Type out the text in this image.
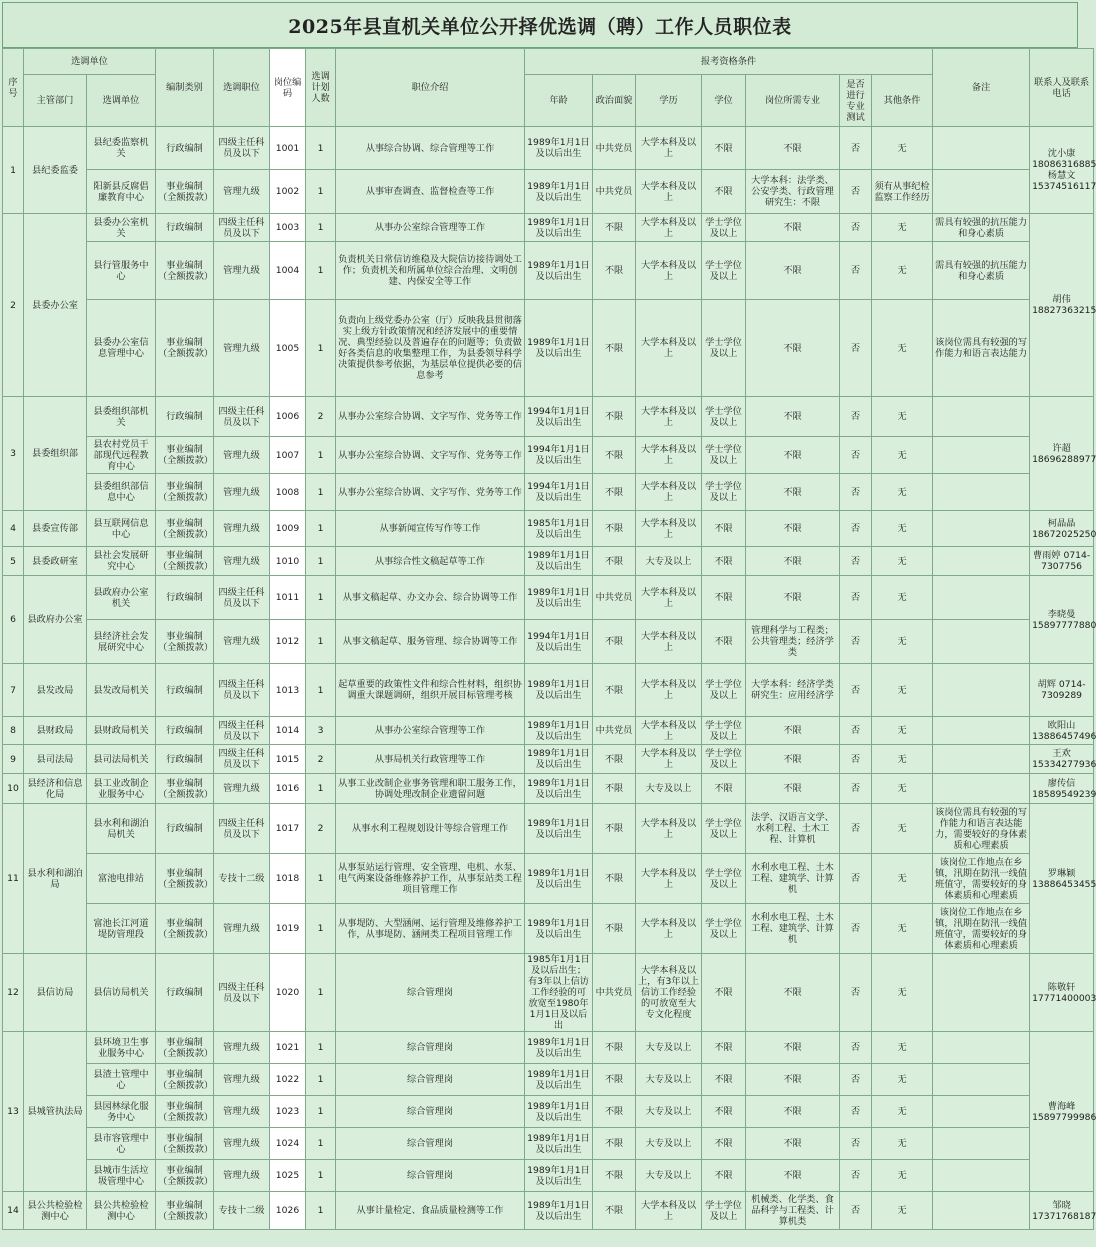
2025年县直机关单位公开择优选调（聘）工作人员职位表
序号	选调单位		编制类别	选调职位	岗位编码	选调计划人数	职位介绍	报考资格条件							备注	联系人及联系电话
	主管部门	选调单位						年龄	政治面貌	学历	学位	岗位所需专业	是否进行专业测试	其他条件		
1	县纪委监委	县纪委监察机关	行政编制	四级主任科员及以下	1001	1	从事综合协调、综合管理等工作	1989年1月1日及以后出生	中共党员	大学本科及以上	不限	不限	否	无		沈小康 18086316885 杨慧文 15374516117
		阳新县反腐倡廉教育中心	事业编制（全额拨款）	管理九级	1002	1	从事审查调查、监督检查等工作	1989年1月1日及以后出生	中共党员	大学本科及以上	不限	大学本科：法学类、公安学类、行政管理 研究生：不限	否	须有从事纪检监察工作经历		
2	县委办公室	县委办公室机关	行政编制	四级主任科员及以下	1003	1	从事办公室综合管理等工作	1989年1月1日及以后出生	不限	大学本科及以上	学士学位及以上	不限	否	无	需具有较强的抗压能力和身心素质	胡伟 18827363215
		县行管服务中心	事业编制（全额拨款）	管理九级	1004	1	负责机关日常信访维稳及大院信访接待调处工作；负责机关和所属单位综合治理、文明创建、内保安全等工作	1989年1月1日及以后出生	不限	大学本科及以上	学士学位及以上	不限	否	无	需具有较强的抗压能力和身心素质	
		县委办公室信息管理中心	事业编制（全额拨款）	管理九级	1005	1	负责向上级党委办公室（厅）反映我县贯彻落实上级方针政策情况和经济发展中的重要情况、典型经验以及普遍存在的问题等；负责做好各类信息的收集整理工作，为县委领导科学决策提供参考依据，为基层单位提供必要的信息参考	1989年1月1日及以后出生	不限	大学本科及以上	学士学位及以上	不限	否	无	该岗位需具有较强的写作能力和语言表达能力	
3	县委组织部	县委组织部机关	行政编制	四级主任科员及以下	1006	2	从事办公室综合协调、文字写作、党务等工作	1994年1月1日及以后出生	不限	大学本科及以上	学士学位及以上	不限	否	无		许超 18696288977
		县农村党员干部现代远程教育中心	事业编制（全额拨款）	管理九级	1007	1	从事办公室综合协调、文字写作、党务等工作	1994年1月1日及以后出生	不限	大学本科及以上	学士学位及以上	不限	否	无		
		县委组织部信息中心	事业编制（全额拨款）	管理九级	1008	1	从事办公室综合协调、文字写作、党务等工作	1994年1月1日及以后出生	不限	大学本科及以上	学士学位及以上	不限	否	无		
4	县委宣传部	县互联网信息中心	事业编制（全额拨款）	管理九级	1009	1	从事新闻宣传写作等工作	1985年1月1日及以后出生	不限	大学本科及以上	不限	不限	否	无		柯晶晶 18672025250
5	县委政研室	县社会发展研究中心	事业编制（全额拨款）	管理九级	1010	1	从事综合性文稿起草等工作	1989年1月1日及以后出生	不限	大专及以上	不限	不限	否	无		曹雨婷 0714-7307756
6	县政府办公室	县政府办公室机关	行政编制	四级主任科员及以下	1011	1	从事文稿起草、办文办会、综合协调等工作	1989年1月1日及以后出生	中共党员	大学本科及以上	不限	不限	否	无		李晓曼 15897777880
		县经济社会发展研究中心	事业编制（全额拨款）	管理九级	1012	1	从事文稿起草、服务管理、综合协调等工作	1994年1月1日及以后出生	不限	大学本科及以上	不限	管理科学与工程类；公共管理类；经济学类	否	无		
7	县发改局	县发改局机关	行政编制	四级主任科员及以下	1013	1	起草重要的政策性文件和综合性材料，组织协调重大课题调研，组织开展目标管理考核	1989年1月1日及以后出生	不限	大学本科及以上	学士学位及以上	大学本科：经济学类 研究生：应用经济学	否	无		胡辉 0714-7309289
8	县财政局	县财政局机关	行政编制	四级主任科员及以下	1014	3	从事办公室综合管理等工作	1989年1月1日及以后出生	中共党员	大学本科及以上	学士学位及以上	不限	否	无		欧阳山 13886457496
9	县司法局	县司法局机关	行政编制	四级主任科员及以下	1015	2	从事局机关行政管理等工作	1989年1月1日及以后出生	不限	大学本科及以上	学士学位及以上	不限	否	无		王欢 15334277936
10	县经济和信息化局	县工业改制企业服务中心	事业编制（全额拨款）	管理九级	1016	1	从事工业改制企业事务管理和职工服务工作，协调处理改制企业遗留问题	1989年1月1日及以后出生	不限	大专及以上	不限	不限	否	无		廖传信 18589549239
11	县水利和湖泊局	县水利和湖泊局机关	行政编制	四级主任科员及以下	1017	2	从事水利工程规划设计等综合管理工作	1989年1月1日及以后出生	不限	大学本科及以上	学士学位及以上	法学、汉语言文学、水利工程、土木工程、计算机	否	无	该岗位需具有较强的写作能力和语言表达能力，需要较好的身体素质和心理素质	罗琳颖 13886453455
		富池电排站	事业编制（全额拨款）	专技十二级	1018	1	从事泵站运行管理、安全管理、电机、水泵、电气两案设备维修养护工作，从事泵站类工程项目管理工作	1989年1月1日及以后出生	不限	大学本科及以上	学士学位及以上	水利水电工程、土木工程、建筑学、计算机	否	无	该岗位工作地点在乡镇，汛期在防汛一线值班值守，需要较好的身体素质和心理素质	
		富池长江河道堤防管理段	事业编制（全额拨款）	管理九级	1019	1	从事堤防、大型涵闸、运行管理及维修养护工作，从事堤防、涵闸类工程项目管理工作	1989年1月1日及以后出生	不限	大学本科及以上	学士学位及以上	水利水电工程、土木工程、建筑学、计算机	否	无	该岗位工作地点在乡镇，汛期在防汛一线值班值守，需要较好的身体素质和心理素质	
12	县信访局	县信访局机关	行政编制	四级主任科员及以下	1020	1	综合管理岗	1985年1月1日及以后出生；有3年以上信访工作经验的可放宽至1980年1月1日及以后出	中共党员	大学本科及以上，有3年以上信访工作经验的可放宽至大专文化程度	不限	不限	否	无		陈敬轩 17771400003
13	县城管执法局	县环境卫生事业服务中心	事业编制（全额拨款）	管理九级	1021	1	综合管理岗	1989年1月1日及以后出生	不限	大专及以上	不限	不限	否	无		曹海峰 15897799986
		县渣土管理中心	事业编制（全额拨款）	管理九级	1022	1	综合管理岗	1989年1月1日及以后出生	不限	大专及以上	不限	不限	否	无		
		县园林绿化服务中心	事业编制（全额拨款）	管理九级	1023	1	综合管理岗	1989年1月1日及以后出生	不限	大专及以上	不限	不限	否	无		
		县市容管理中心	事业编制（全额拨款）	管理九级	1024	1	综合管理岗	1989年1月1日及以后出生	不限	大专及以上	不限	不限	否	无		
		县城市生活垃圾管理中心	事业编制（全额拨款）	管理九级	1025	1	综合管理岗	1989年1月1日及以后出生	不限	大专及以上	不限	不限	否	无		
14	县公共检验检测中心	县公共检验检测中心	事业编制（全额拨款）	专技十二级	1026	1	从事计量检定、食品质量检测等工作	1989年1月1日及以后出生	不限	大学本科及以上	学士学位及以上	机械类、化学类、食品科学与工程类、计算机类	否	无		邹晓 17371768187
